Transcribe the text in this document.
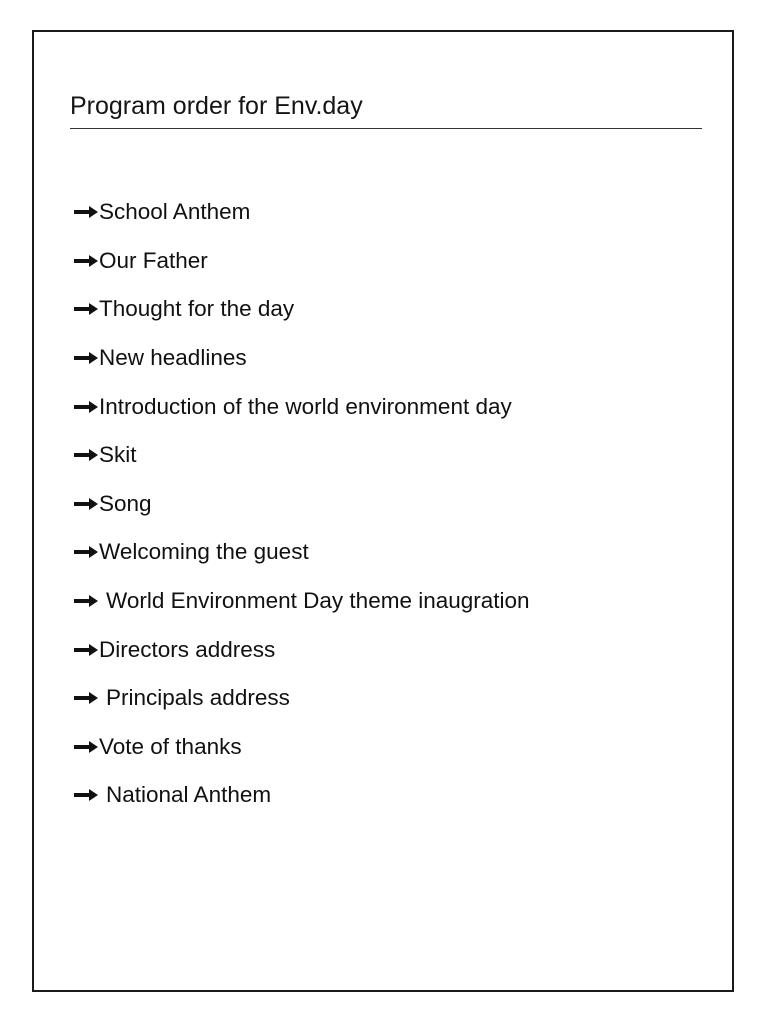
Program order for Env.day
School Anthem
Our Father
Thought for the day
New headlines
Introduction of the world environment day
Skit
Song
Welcoming the guest
World Environment Day theme inaugration
Directors address
Principals address
Vote of thanks
National Anthem
